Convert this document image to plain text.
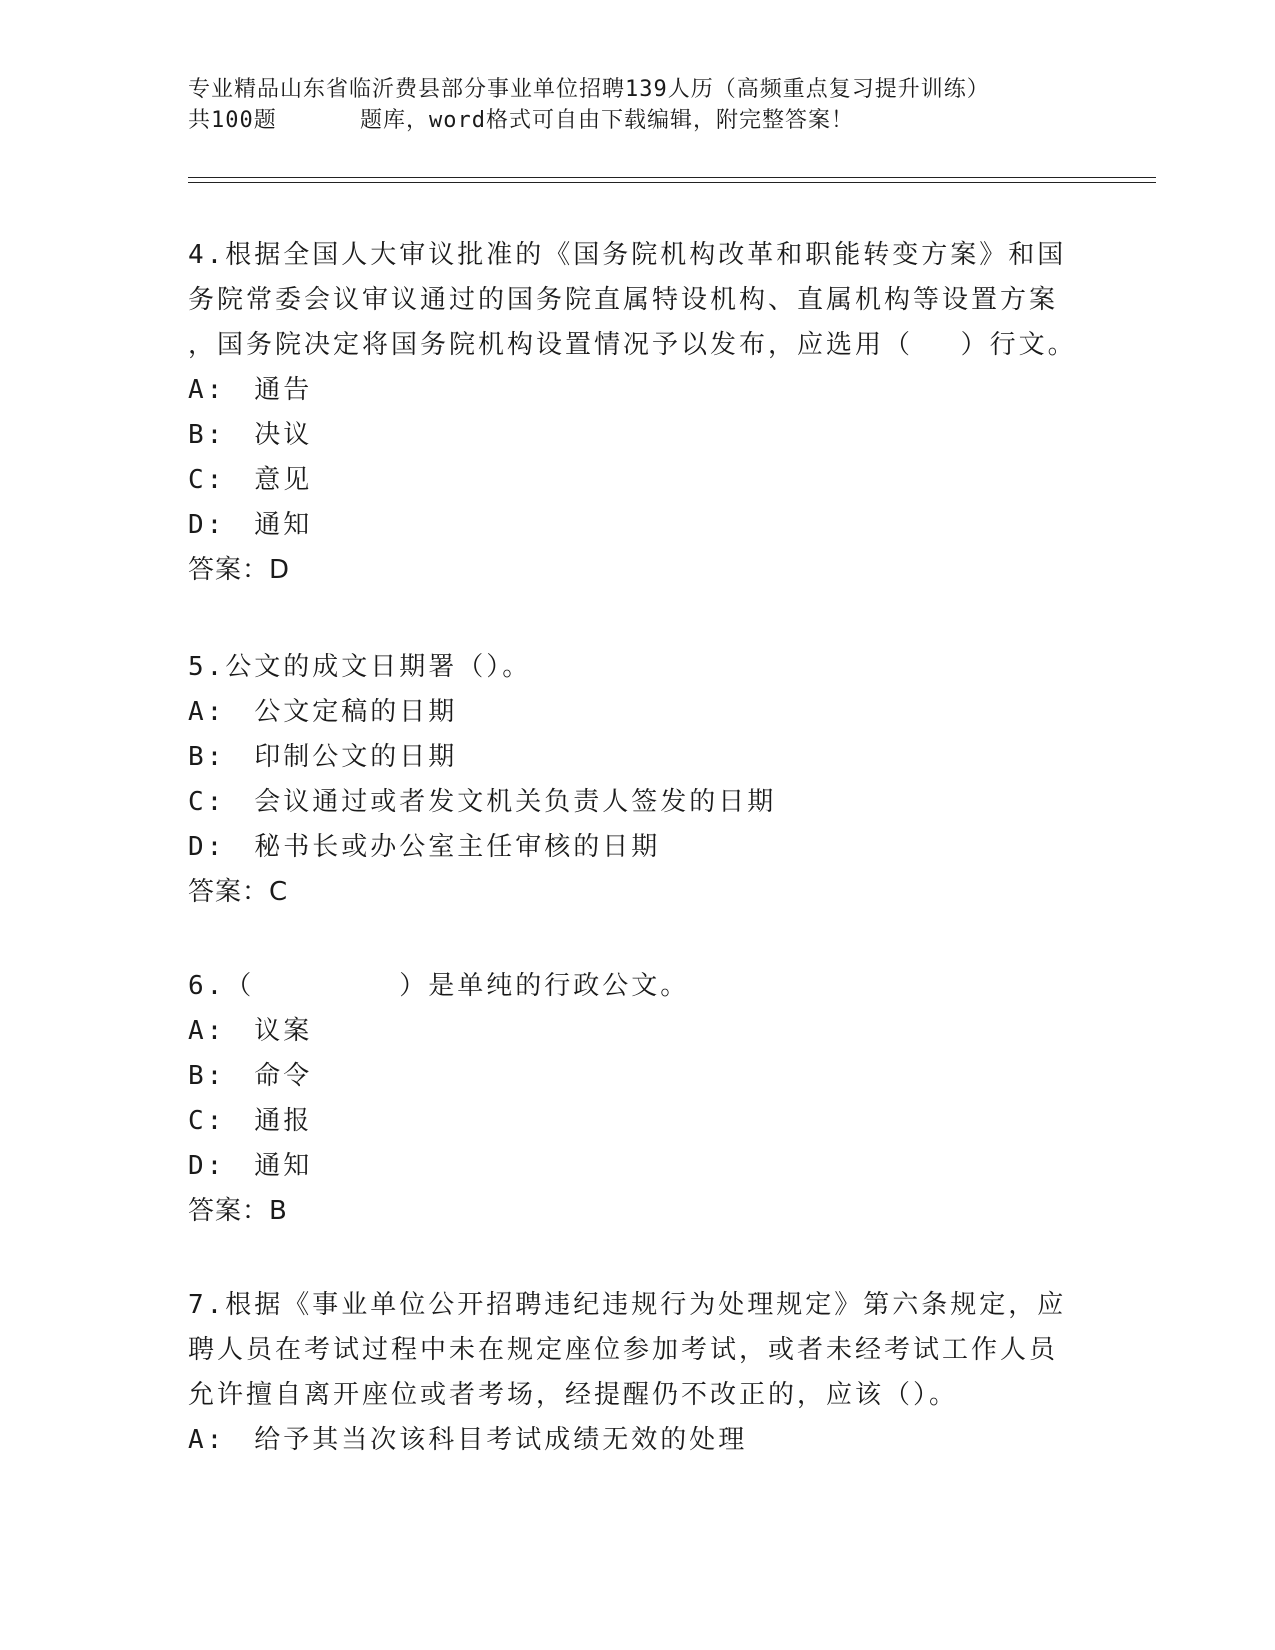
专业精品山东省临沂费县部分事业单位招聘139人历（高频重点复习提升训练）
共100题	题库，word格式可自由下载编辑，附完整答案！

4.根据全国人大审议批准的《国务院机构改革和职能转变方案》和国
务院常委会议审议通过的国务院直属特设机构、直属机构等设置方案
，国务院决定将国务院机构设置情况予以发布，应选用（　 ）行文。

A:　通告
B:　决议
C:　意见
D:　通知
答案：D

5.公文的成文日期署（）。

A:　公文定稿的日期
B:　印制公文的日期
C:　会议通过或者发文机关负责人签发的日期
D:　秘书长或办公室主任审核的日期
答案：C

6.（　　　　　）是单纯的行政公文。

A:　议案
B:　命令
C:　通报
D:　通知
答案：B

7.根据《事业单位公开招聘违纪违规行为处理规定》第六条规定，应
聘人员在考试过程中未在规定座位参加考试，或者未经考试工作人员
允许擅自离开座位或者考场，经提醒仍不改正的，应该（）。

A:　给予其当次该科目考试成绩无效的处理
